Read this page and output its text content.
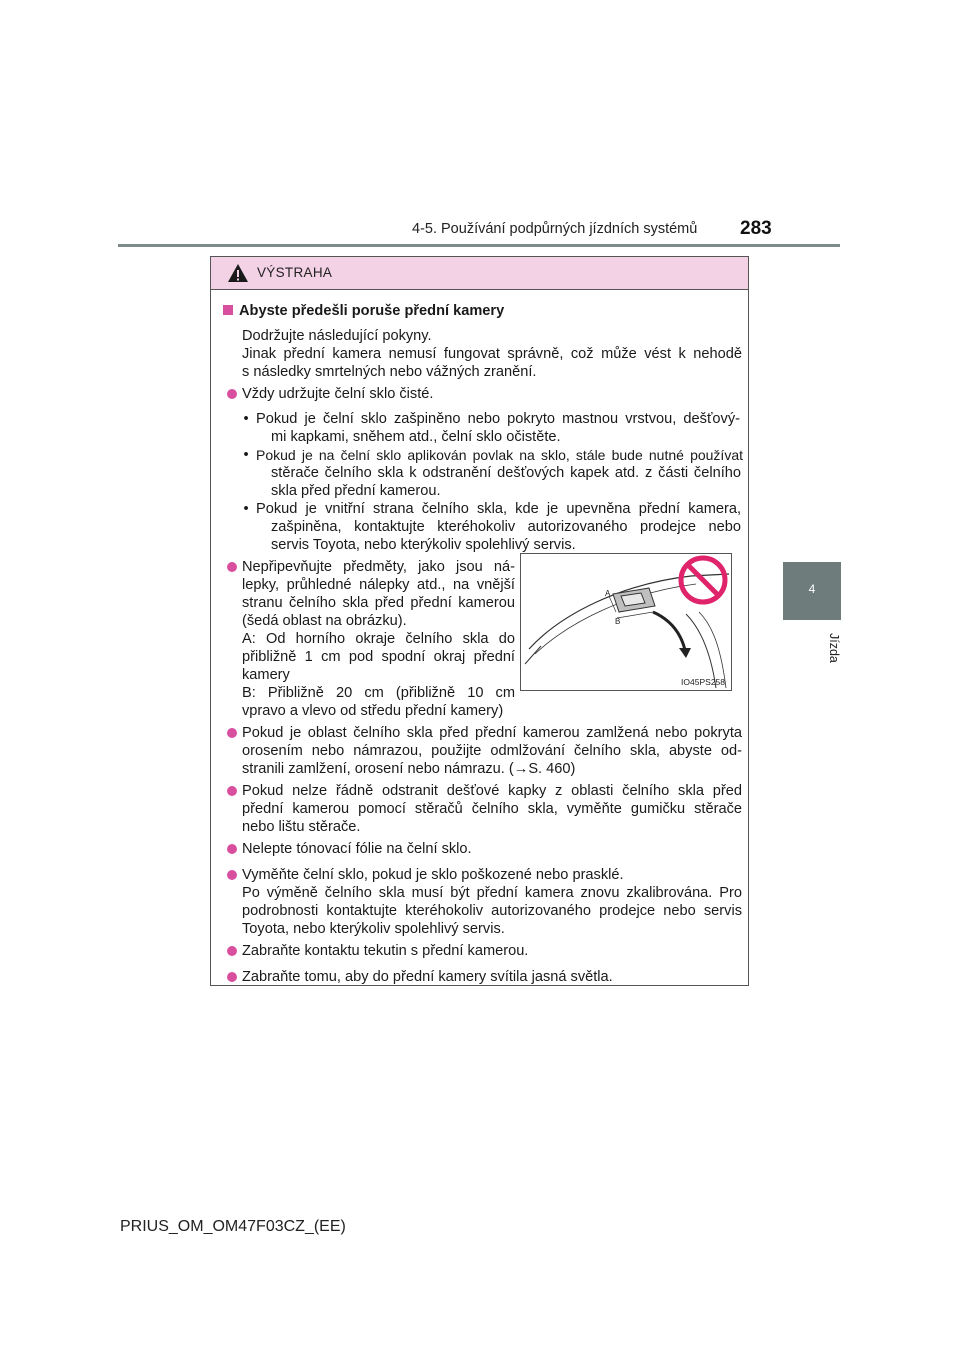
4-5. Používání podpůrných jízdních systémů 283
4
Jízda
VÝSTRAHA
Abyste předešli poruše přední kamery
Dodržujte následující pokyny.
Jinak přední kamera nemusí fungovat správně, což může vést k nehodě
s následky smrtelných nebo vážných zranění.
Vždy udržujte čelní sklo čisté.
• Pokud je čelní sklo zašpiněno nebo pokryto mastnou vrstvou, dešťový-
mi kapkami, sněhem atd., čelní sklo očistěte.
• Pokud je na čelní sklo aplikován povlak na sklo, stále bude nutné používat
stěrače čelního skla k odstranění dešťových kapek atd. z části čelního
skla před přední kamerou.
• Pokud je vnitřní strana čelního skla, kde je upevněna přední kamera,
zašpiněna, kontaktujte kteréhokoliv autorizovaného prodejce nebo
servis Toyota, nebo kterýkoliv spolehlivý servis.
Nepřipevňujte předměty, jako jsou ná-
lepky, průhledné nálepky atd., na vnější
stranu čelního skla před přední kamerou
(šedá oblast na obrázku).
A: Od horního okraje čelního skla do
přibližně 1 cm pod spodní okraj přední
kamery
B: Přibližně 20 cm (přibližně 10 cm
vpravo a vlevo od středu přední kamery)
Pokud je oblast čelního skla před přední kamerou zamlžená nebo pokryta
orosením nebo námrazou, použijte odmlžování čelního skla, abyste od-
stranili zamlžení, orosení nebo námrazu. (→S. 460)
Pokud nelze řádně odstranit dešťové kapky z oblasti čelního skla před
přední kamerou pomocí stěračů čelního skla, vyměňte gumičku stěrače
nebo lištu stěrače.
Nelepte tónovací fólie na čelní sklo.
Vyměňte čelní sklo, pokud je sklo poškozené nebo prasklé.
Po výměně čelního skla musí být přední kamera znovu zkalibrována. Pro
podrobnosti kontaktujte kteréhokoliv autorizovaného prodejce nebo servis
Toyota, nebo kterýkoliv spolehlivý servis.
Zabraňte kontaktu tekutin s přední kamerou.
Zabraňte tomu, aby do přední kamery svítila jasná světla.
A
B
IO45PS258
PRIUS_OM_OM47F03CZ_(EE)
